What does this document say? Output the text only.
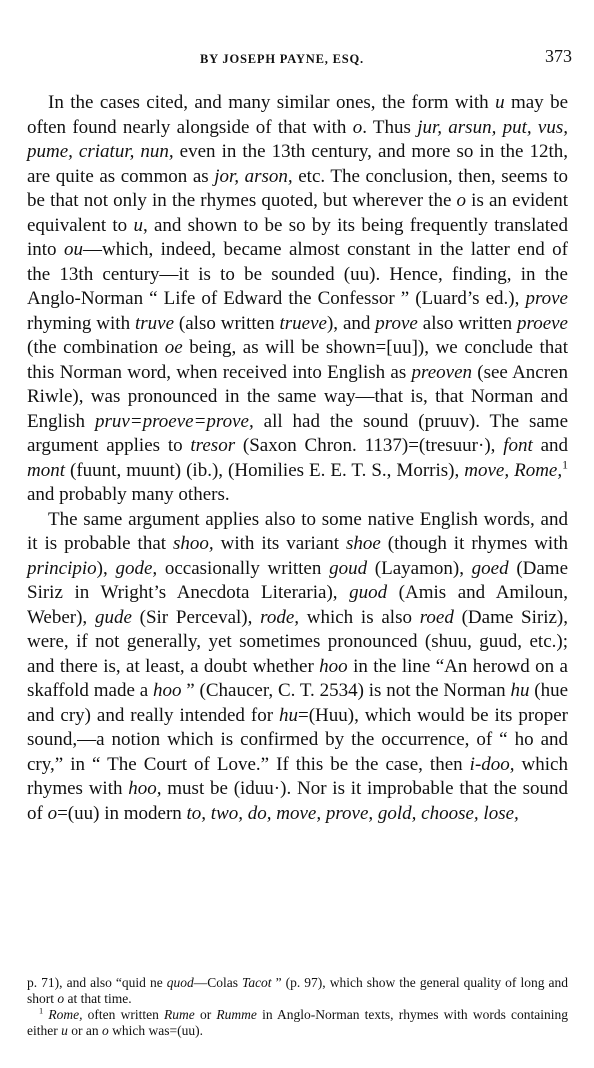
BY JOSEPH PAYNE, ESQ.	373

In the cases cited, and many similar ones, the form with u may be often found nearly alongside of that with o. Thus jur, arsun, put, vus, pume, criatur, nun, even in the 13th century, and more so in the 12th, are quite as common as jor, arson, etc. The conclusion, then, seems to be that not only in the rhymes quoted, but wherever the o is an evident equivalent to u, and shown to be so by its being frequently translated into ou—which, indeed, became almost constant in the latter end of the 13th century—it is to be sounded (uu). Hence, finding, in the Anglo-Norman “ Life of Edward the Confessor ” (Luard’s ed.), prove rhyming with truve (also written trueve), and prove also written proeve (the combination oe being, as will be shown=[uu]), we conclude that this Norman word, when received into English as preoven (see Ancren Riwle), was pronounced in the same way—that is, that Norman and English pruv=proeve=prove, all had the sound (pruuv). The same argument applies to tresor (Saxon Chron. 1137)=(tresuur·), font and mont (fuunt, muunt) (ib.), (Homilies E. E. T. S., Morris), move, Rome,$^1$ and probably many others.

The same argument applies also to some native English words, and it is probable that shoo, with its variant shoe (though it rhymes with principio), gode, occasionally written goud (Layamon), goed (Dame Siriz in Wright’s Anecdota Literaria), guod (Amis and Amiloun, Weber), gude (Sir Perceval), rode, which is also roed (Dame Siriz), were, if not generally, yet sometimes pronounced (shuu, guud, etc.); and there is, at least, a doubt whether hoo in the line “An herowd on a skaffold made a hoo ” (Chaucer, C. T. 2534) is not the Norman hu (hue and cry) and really intended for hu=(Huu), which would be its proper sound,—a notion which is confirmed by the occurrence, of “ ho and cry,” in “ The Court of Love.” If this be the case, then i-doo, which rhymes with hoo, must be (iduu·). Nor is it improbable that the sound of o=(uu) in modern to, two, do, move, prove, gold, choose, lose,

p. 71), and also “quid ne quod—Colas Tacot ” (p. 97), which show the general quality of long and short o at that time.

$^1$ Rome, often written Rume or Rumme in Anglo-Norman texts, rhymes with words containing either u or an o which was=(uu).
